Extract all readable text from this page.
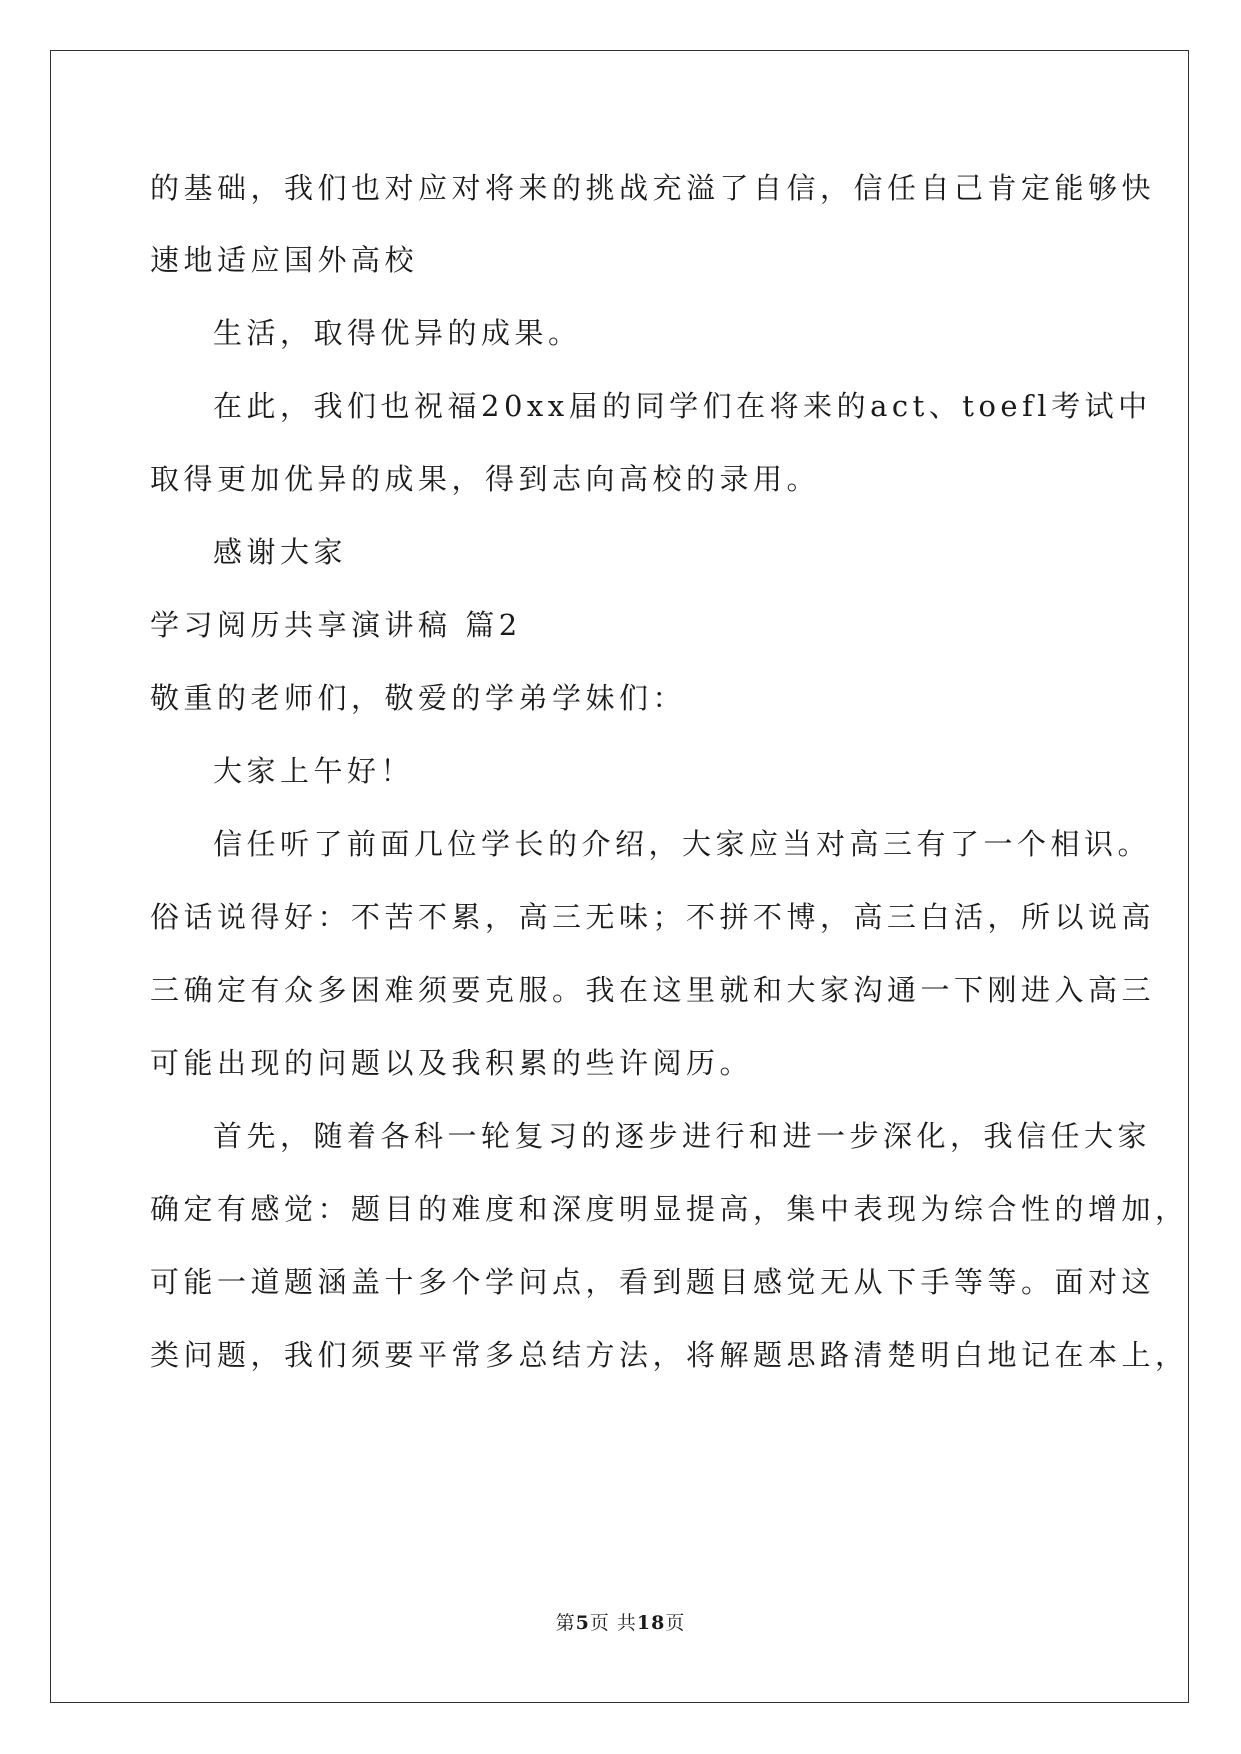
的基础，我们也对应对将来的挑战充溢了自信，信任自己肯定能够快
速地适应国外高校
生活，取得优异的成果。
在此，我们也祝福20xx届的同学们在将来的act、toefl考试中
取得更加优异的成果，得到志向高校的录用。
感谢大家
学习阅历共享演讲稿 篇2
敬重的老师们，敬爱的学弟学妹们：
大家上午好！
信任听了前面几位学长的介绍，大家应当对高三有了一个相识。
俗话说得好：不苦不累，高三无味；不拼不博，高三白活，所以说高
三确定有众多困难须要克服。我在这里就和大家沟通一下刚进入高三
可能出现的问题以及我积累的些许阅历。
首先，随着各科一轮复习的逐步进行和进一步深化，我信任大家
确定有感觉：题目的难度和深度明显提高，集中表现为综合性的增加，
可能一道题涵盖十多个学问点，看到题目感觉无从下手等等。面对这
类问题，我们须要平常多总结方法，将解题思路清楚明白地记在本上，
第5页 共18页
